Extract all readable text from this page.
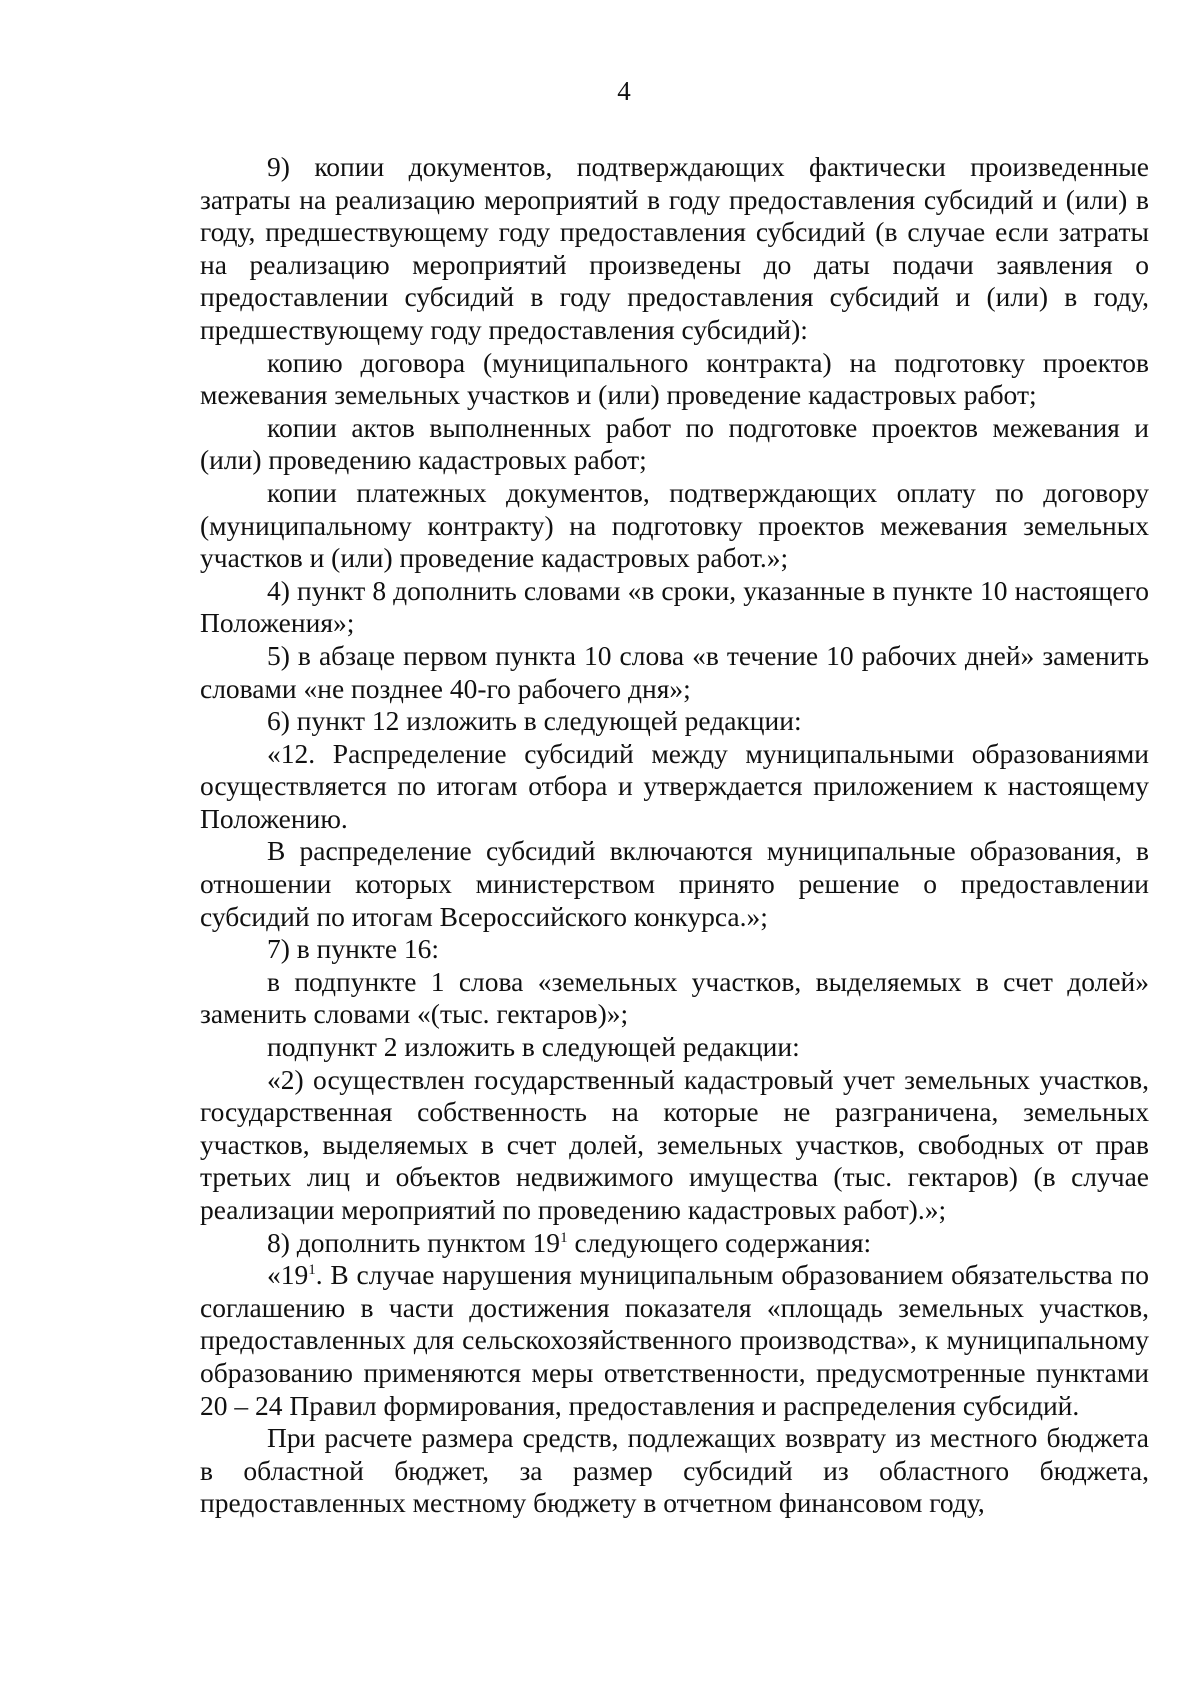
4

9) копии документов, подтверждающих фактически произведенные затраты на реализацию мероприятий в году предоставления субсидий и (или) в году, предшествующему году предоставления субсидий (в случае если затраты на реализацию мероприятий произведены до даты подачи заявления о предоставлении субсидий в году предоставления субсидий и (или) в году, предшествующему году предоставления субсидий):

копию договора (муниципального контракта) на подготовку проектов межевания земельных участков и (или) проведение кадастровых работ;

копии актов выполненных работ по подготовке проектов межевания и (или) проведению кадастровых работ;

копии платежных документов, подтверждающих оплату по договору (муниципальному контракту) на подготовку проектов межевания земельных участков и (или) проведение кадастровых работ.»;

4) пункт 8 дополнить словами «в сроки, указанные в пункте 10 настоящего Положения»;

5) в абзаце первом пункта 10 слова «в течение 10 рабочих дней» заменить словами «не позднее 40-го рабочего дня»;

6) пункт 12 изложить в следующей редакции:

«12. Распределение субсидий между муниципальными образованиями осуществляется по итогам отбора и утверждается приложением к настоящему Положению.

В распределение субсидий включаются муниципальные образования, в отношении которых министерством принято решение о предоставлении субсидий по итогам Всероссийского конкурса.»;

7) в пункте 16:

в подпункте 1 слова «земельных участков, выделяемых в счет долей» заменить словами «(тыс. гектаров)»;

подпункт 2 изложить в следующей редакции:

«2) осуществлен государственный кадастровый учет земельных участков, государственная собственность на которые не разграничена, земельных участков, выделяемых в счет долей, земельных участков, свободных от прав третьих лиц и объектов недвижимого имущества (тыс. гектаров) (в случае реализации мероприятий по проведению кадастровых работ).»;

8) дополнить пунктом 19$^1$ следующего содержания:

«19$^1$. В случае нарушения муниципальным образованием обязательства по соглашению в части достижения показателя «площадь земельных участков, предоставленных для сельскохозяйственного производства», к муниципальному образованию применяются меры ответственности, предусмотренные пунктами 20 – 24 Правил формирования, предоставления и распределения субсидий.

При расчете размера средств, подлежащих возврату из местного бюджета в областной бюджет, за размер субсидий из областного бюджета, предоставленных местному бюджету в отчетном финансовом году,
